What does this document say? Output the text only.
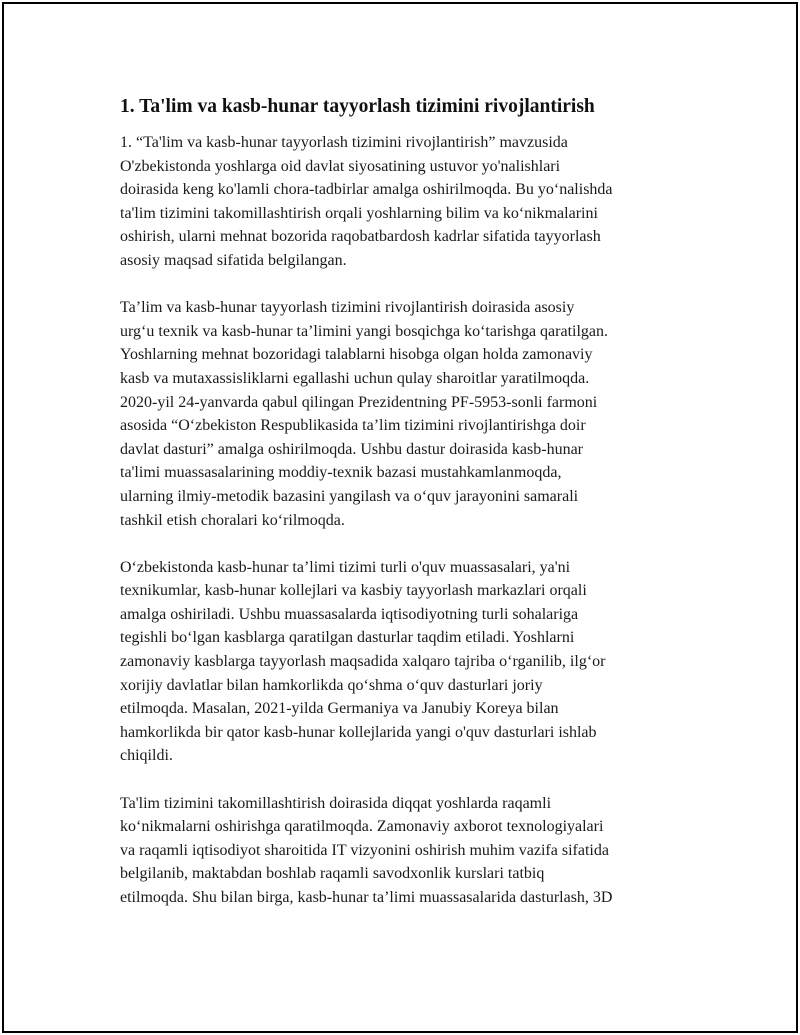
1. Ta'lim va kasb-hunar tayyorlash tizimini rivojlantirish

1. “Ta'lim va kasb-hunar tayyorlash tizimini rivojlantirish” mavzusida
O'zbekistonda yoshlarga oid davlat siyosatining ustuvor yo'nalishlari
doirasida keng ko'lamli chora-tadbirlar amalga oshirilmoqda. Bu yo‘nalishda
ta'lim tizimini takomillashtirish orqali yoshlarning bilim va ko‘nikmalarini
oshirish, ularni mehnat bozorida raqobatbardosh kadrlar sifatida tayyorlash
asosiy maqsad sifatida belgilangan.

Ta’lim va kasb-hunar tayyorlash tizimini rivojlantirish doirasida asosiy
urg‘u texnik va kasb-hunar ta’limini yangi bosqichga ko‘tarishga qaratilgan.
Yoshlarning mehnat bozoridagi talablarni hisobga olgan holda zamonaviy
kasb va mutaxassisliklarni egallashi uchun qulay sharoitlar yaratilmoqda.
2020-yil 24-yanvarda qabul qilingan Prezidentning PF-5953-sonli farmoni
asosida “O‘zbekiston Respublikasida ta’lim tizimini rivojlantirishga doir
davlat dasturi” amalga oshirilmoqda. Ushbu dastur doirasida kasb-hunar
ta'limi muassasalarining moddiy-texnik bazasi mustahkamlanmoqda,
ularning ilmiy-metodik bazasini yangilash va o‘quv jarayonini samarali
tashkil etish choralari ko‘rilmoqda.

O‘zbekistonda kasb-hunar ta’limi tizimi turli o'quv muassasalari, ya'ni
texnikumlar, kasb-hunar kollejlari va kasbiy tayyorlash markazlari orqali
amalga oshiriladi. Ushbu muassasalarda iqtisodiyotning turli sohalariga
tegishli bo‘lgan kasblarga qaratilgan dasturlar taqdim etiladi. Yoshlarni
zamonaviy kasblarga tayyorlash maqsadida xalqaro tajriba o‘rganilib, ilg‘or
xorijiy davlatlar bilan hamkorlikda qo‘shma o‘quv dasturlari joriy
etilmoqda. Masalan, 2021-yilda Germaniya va Janubiy Koreya bilan
hamkorlikda bir qator kasb-hunar kollejlarida yangi o'quv dasturlari ishlab
chiqildi.

Ta'lim tizimini takomillashtirish doirasida diqqat yoshlarda raqamli
ko‘nikmalarni oshirishga qaratilmoqda. Zamonaviy axborot texnologiyalari
va raqamli iqtisodiyot sharoitida IT vizyonini oshirish muhim vazifa sifatida
belgilanib, maktabdan boshlab raqamli savodxonlik kurslari tatbiq
etilmoqda. Shu bilan birga, kasb-hunar ta’limi muassasalarida dasturlash, 3D
